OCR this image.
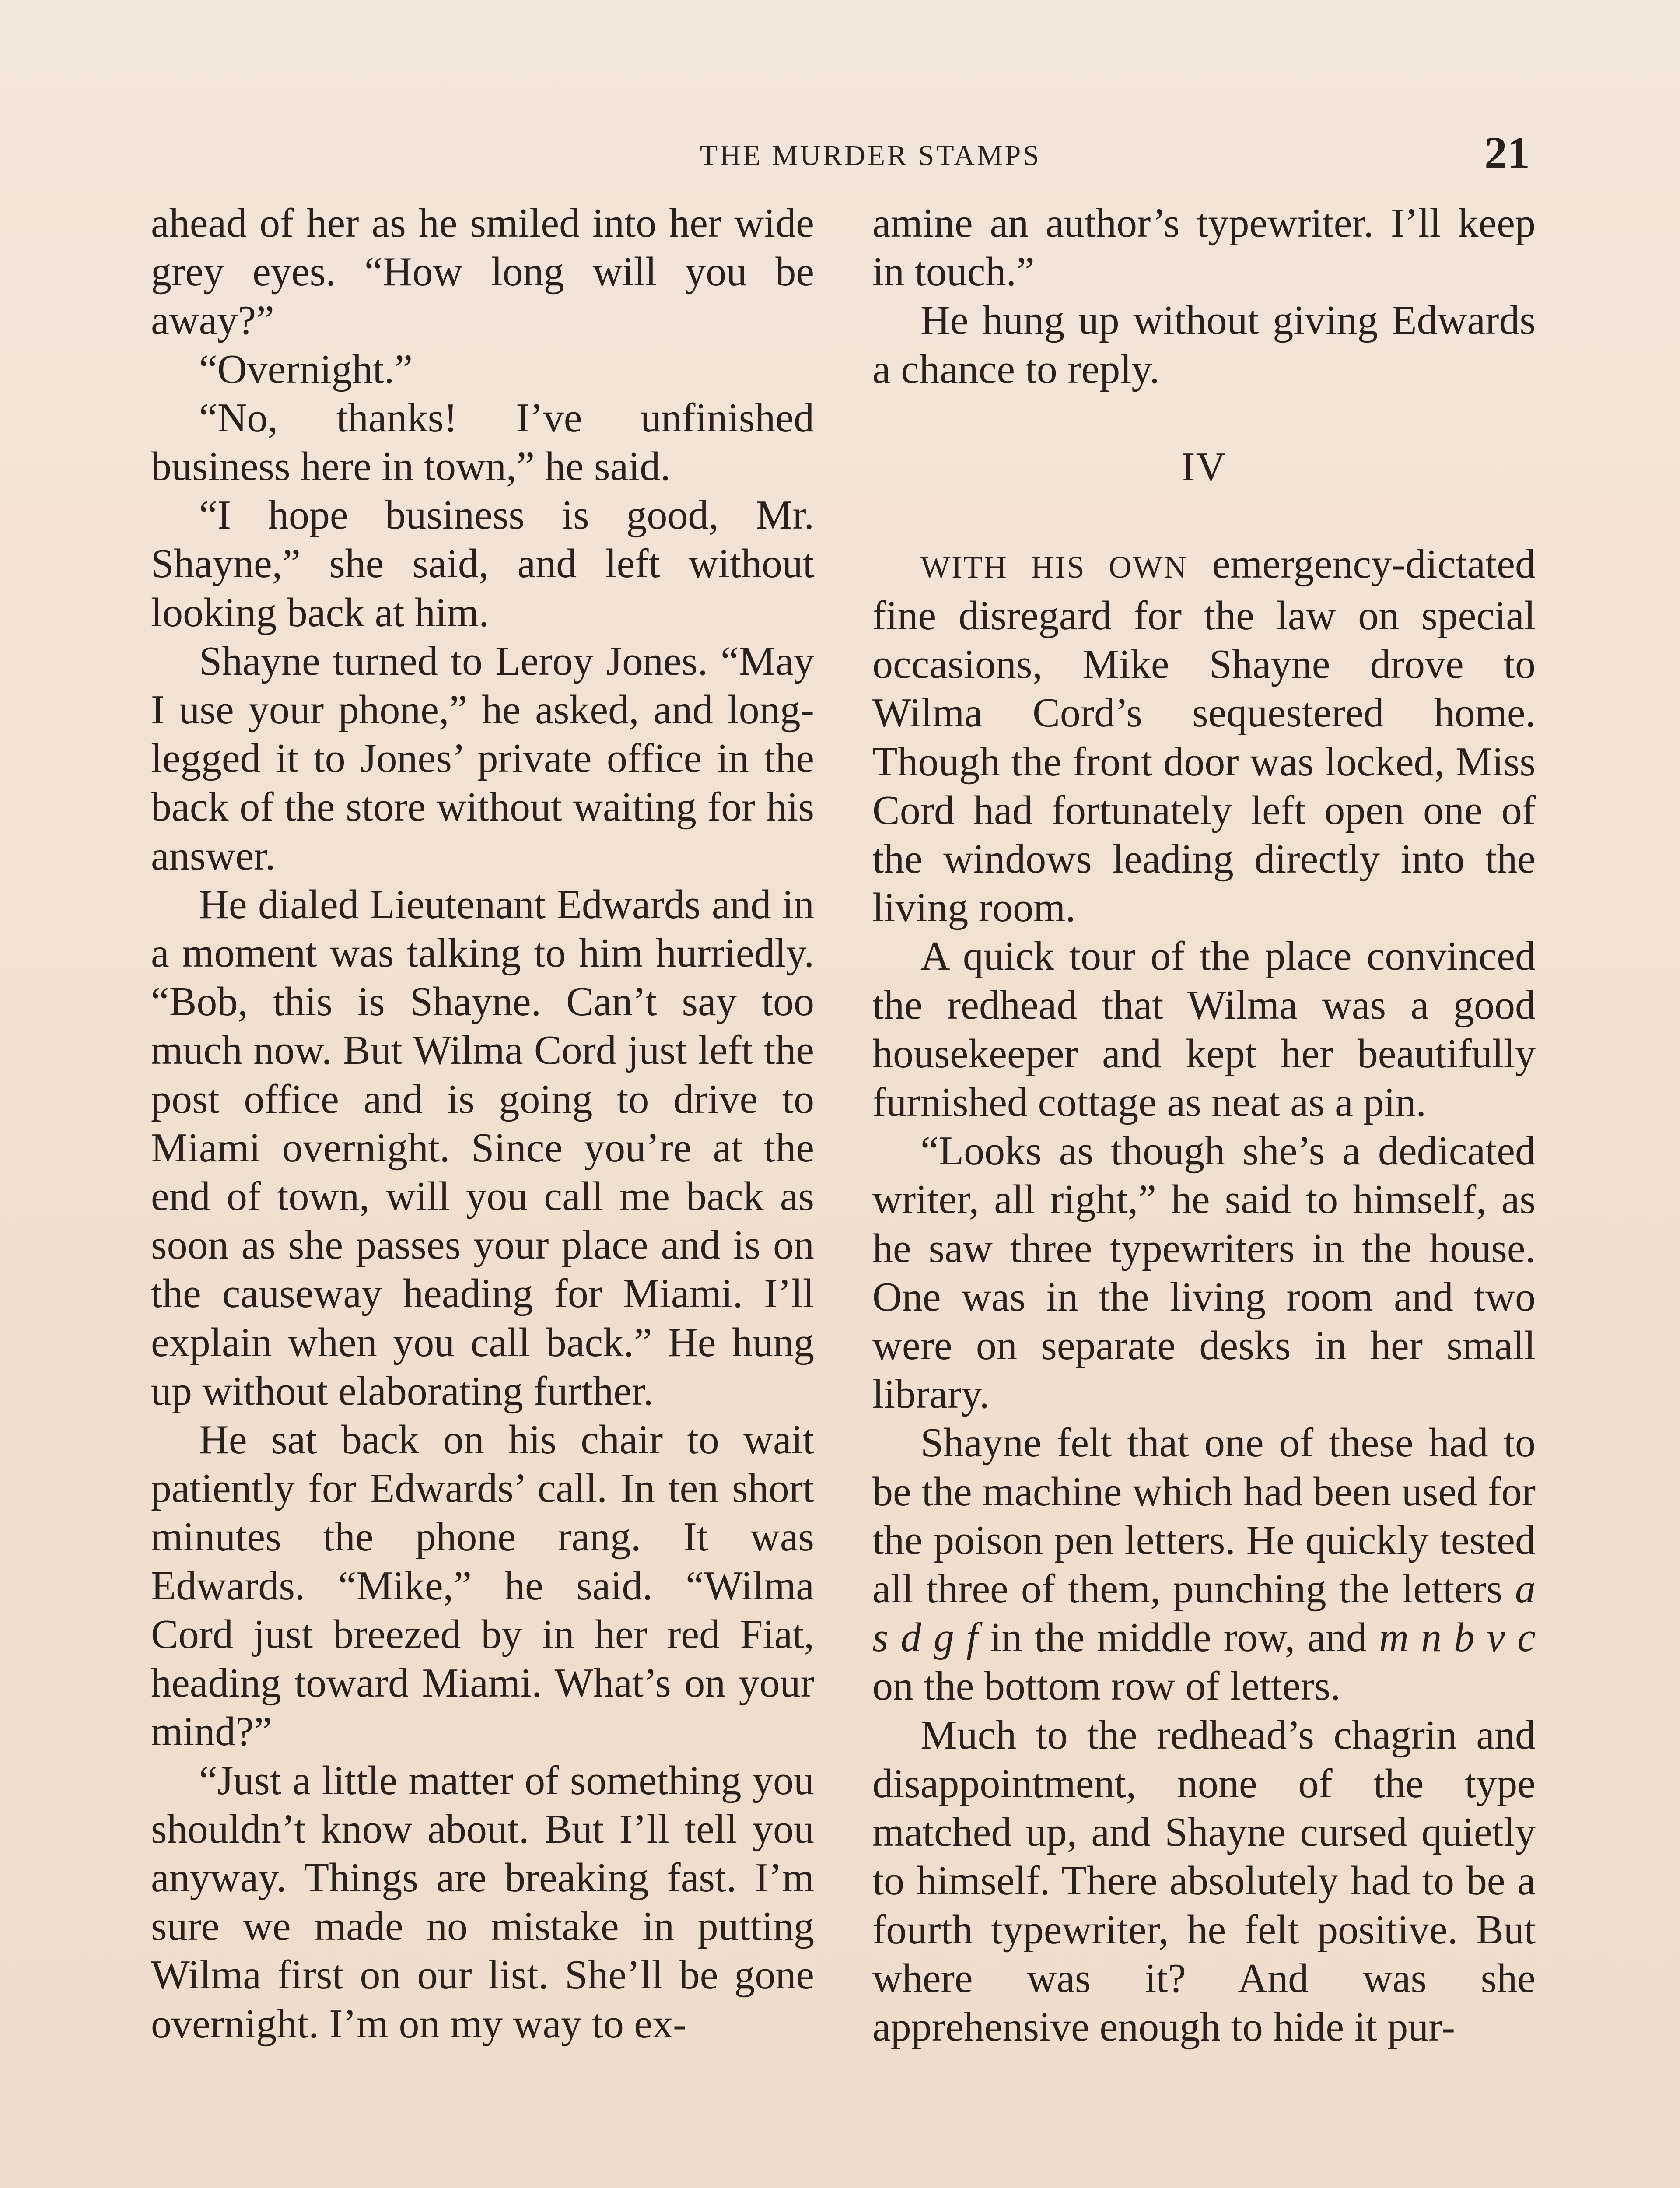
THE MURDER STAMPS	21

ahead of her as he smiled into her wide grey eyes. “How long will you be away?”

“Overnight.”

“No, thanks! I’ve unfinished business here in town,” he said.

“I hope business is good, Mr. Shayne,” she said, and left without looking back at him.

Shayne turned to Leroy Jones. “May I use your phone,” he asked, and long-legged it to Jones’ private office in the back of the store without waiting for his answer.

He dialed Lieutenant Edwards and in a moment was talking to him hurriedly. “Bob, this is Shayne. Can’t say too much now. But Wilma Cord just left the post office and is going to drive to Miami overnight. Since you’re at the end of town, will you call me back as soon as she passes your place and is on the causeway heading for Miami. I’ll explain when you call back.” He hung up without elaborating further.

He sat back on his chair to wait patiently for Edwards’ call. In ten short minutes the phone rang. It was Edwards. “Mike,” he said. “Wilma Cord just breezed by in her red Fiat, heading toward Miami. What’s on your mind?”

“Just a little matter of something you shouldn’t know about. But I’ll tell you anyway. Things are breaking fast. I’m sure we made no mistake in putting Wilma first on our list. She’ll be gone overnight. I’m on my way to ex-

amine an author’s typewriter. I’ll keep in touch.”

He hung up without giving Edwards a chance to reply.

IV

WITH HIS OWN emergency-dictated fine disregard for the law on special occasions, Mike Shayne drove to Wilma Cord’s sequestered home. Though the front door was locked, Miss Cord had fortunately left open one of the windows leading directly into the living room.

A quick tour of the place convinced the redhead that Wilma was a good housekeeper and kept her beautifully furnished cottage as neat as a pin.

“Looks as though she’s a dedicated writer, all right,” he said to himself, as he saw three typewriters in the house. One was in the living room and two were on separate desks in her small library.

Shayne felt that one of these had to be the machine which had been used for the poison pen letters. He quickly tested all three of them, punching the letters a s d g f in the middle row, and m n b v c on the bottom row of letters.

Much to the redhead’s chagrin and disappointment, none of the type matched up, and Shayne cursed quietly to himself. There absolutely had to be a fourth typewriter, he felt positive. But where was it? And was she apprehensive enough to hide it pur-
